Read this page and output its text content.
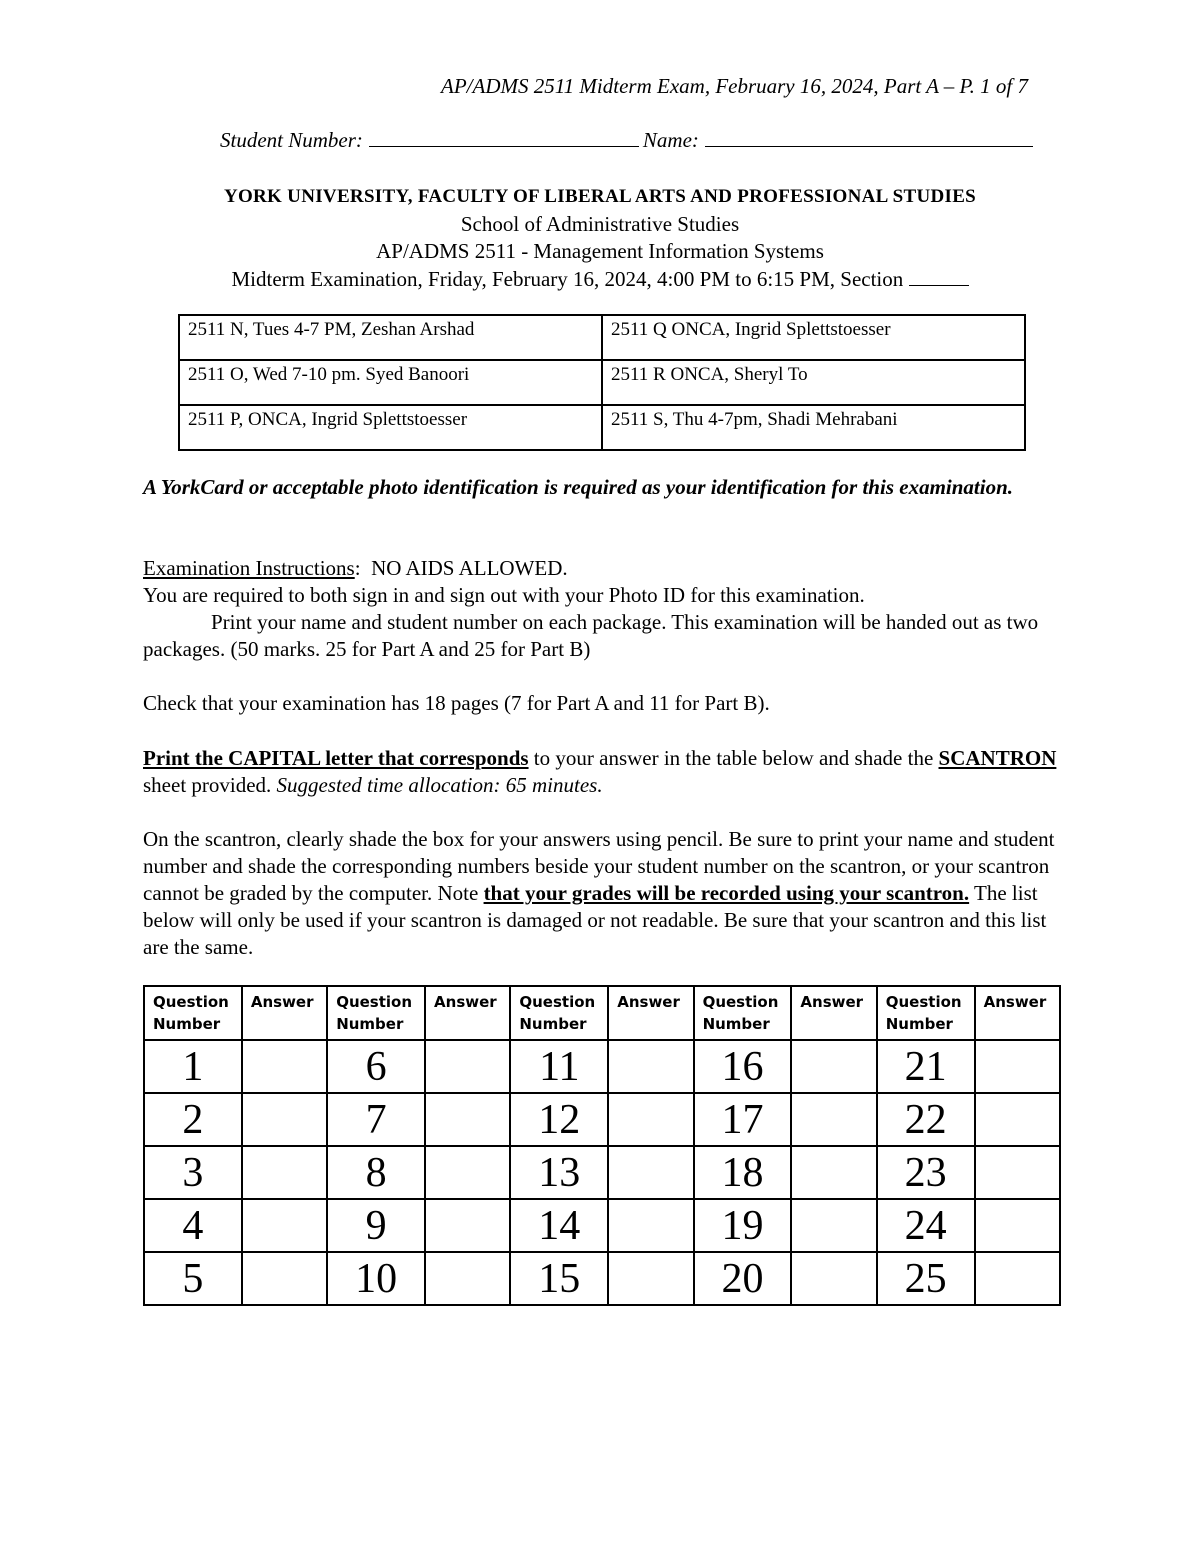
AP/ADMS 2511 Midterm Exam, February 16, 2024, Part A – P. 1 of 7
Student Number:	Name:
YORK UNIVERSITY, FACULTY OF LIBERAL ARTS AND PROFESSIONAL STUDIES
School of Administrative Studies
AP/ADMS 2511 - Management Information Systems
Midterm Examination, Friday, February 16, 2024, 4:00 PM to 6:15 PM, Section
2511 N, Tues 4-7 PM, Zeshan Arshad	2511 Q ONCA, Ingrid Splettstoesser
2511 O, Wed 7-10 pm. Syed Banoori	2511 R ONCA, Sheryl To
2511 P, ONCA, Ingrid Splettstoesser	2511 S, Thu 4-7pm, Shadi Mehrabani
A YorkCard or acceptable photo identification is required as your identification for this examination.
Examination Instructions:  NO AIDS ALLOWED.
You are required to both sign in and sign out with your Photo ID for this examination.
Print your name and student number on each package. This examination will be handed out as two packages. (50 marks. 25 for Part A and 25 for Part B)
Check that your examination has 18 pages (7 for Part A and 11 for Part B).
Print the CAPITAL letter that corresponds to your answer in the table below and shade the SCANTRON sheet provided. Suggested time allocation: 65 minutes.
On the scantron, clearly shade the box for your answers using pencil. Be sure to print your name and student number and shade the corresponding numbers beside your student number on the scantron, or your scantron cannot be graded by the computer. Note that your grades will be recorded using your scantron. The list below will only be used if your scantron is damaged or not readable. Be sure that your scantron and this list are the same.
Question Number	Answer	Question Number	Answer	Question Number	Answer	Question Number	Answer	Question Number	Answer
1		6		11		16		21	
2		7		12		17		22	
3		8		13		18		23	
4		9		14		19		24	
5		10		15		20		25	
